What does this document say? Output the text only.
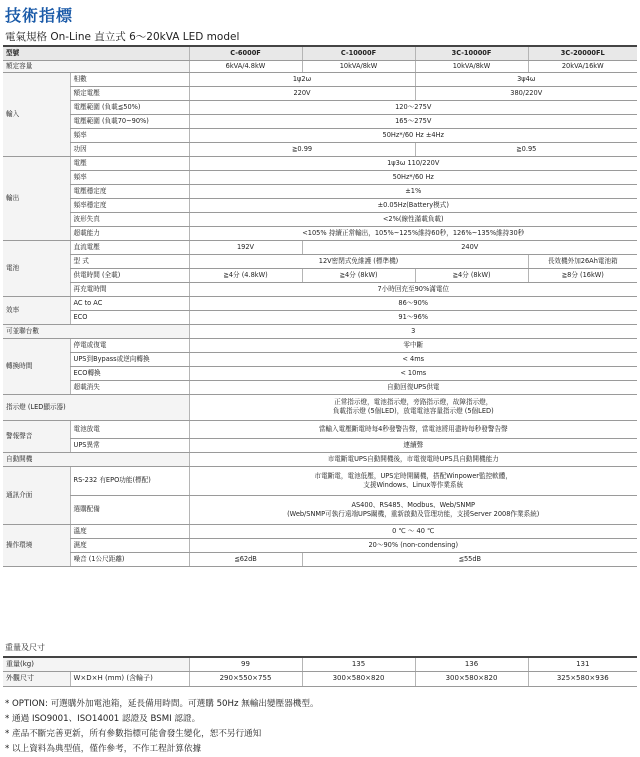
技術指標
電氣規格 On-Line 直立式 6～20kVA LED model
型號		C-6000F	C-10000F	3C-10000F	3C-20000FL
額定容量		6kVA/4.8kW	10kVA/8kW	10kVA/8kW	20kVA/16kW
輸入	相數	1ψ2ω		3ψ4ω	
	額定電壓	220V		380/220V	
	電壓範圍 (負載≦50%)	120～275V			
	電壓範圍 (負載70~90%)	165～275V			
	頻率	50Hz*/60 Hz ±4Hz			
	功因	≧0.99		≧0.95	
輸出	電壓	1ψ3ω 110/220V			
	頻率	50Hz*/60 Hz			
	電壓穩定度	±1%			
	頻率穩定度	±0.05Hz(Battery模式)			
	波形失真	<2%(線性滿載負載)			
	超載能力	<105% 持續正常輸出，105%~125%維持60秒，126%~135%維持30秒			
電池	直流電壓	192V	240V		
	型 式	12V密閉式免維護 (標準機)			長效機外加26Ah電池箱
	供電時間 (全載)	≧4分 (4.8kW)	≧4分 (8kW)	≧4分 (8kW)	≧8分 (16kW)
	再充電時間	7小時回充至90%滿電位			
效率	AC to AC	86～90%			
	ECO	91～96%			
可並聯台數		3			
轉換時間	停電或復電	零中斷			
	UPS到Bypass或逆向轉換	< 4ms			
	ECO轉換	< 10ms			
	超載消失	自動回復UPS供電			
指示燈 (LED顯示器)		正常指示燈，電池指示燈，旁路指示燈，故障指示燈，
負載指示燈 (5個LED)，放電電池容量指示燈 (5個LED)			

警報聲音	電池放電	當輸入電壓斷電時每4秒發警告聲，當電池將用盡時每秒發警告聲			
	UPS異常	連續聲			
自動開機		市電斷電UPS自動開機後，市電復電時UPS具自動開機能力			
通訊介面	RS-232 有EPO功能(標配)	市電斷電，電池低壓，UPS定時開關機，搭配Winpower監控軟體，
支援Windows、Linux等作業系統			

	選購配備	AS400、RS485、Modbus、Web/SNMP
(Web/SNMP可執行遠端UPS關機，重新啟動及管理功能，支援Server 2008作業系統)			

操作環境	溫度	0 ℃ ～ 40 ℃			
	濕度	20～90% (non-condensing)			
	噪音 (1公尺距離)	≦62dB	≦55dB		
重量及尺寸
重量(kg)		99	135	136	131
外觀尺寸	W×D×H (mm) (含輪子)	290×550×755	300×580×820	300×580×820	325×580×936
* OPTION: 可選購外加電池箱，延長備用時間。可選購 50Hz 無輸出變壓器機型。
* 通過 ISO9001、ISO14001 認證及 BSMI 認證。
* 產品不斷完善更新，所有參數指標可能會發生變化，恕不另行通知
* 以上資料為典型值，僅作參考，不作工程計算依據
